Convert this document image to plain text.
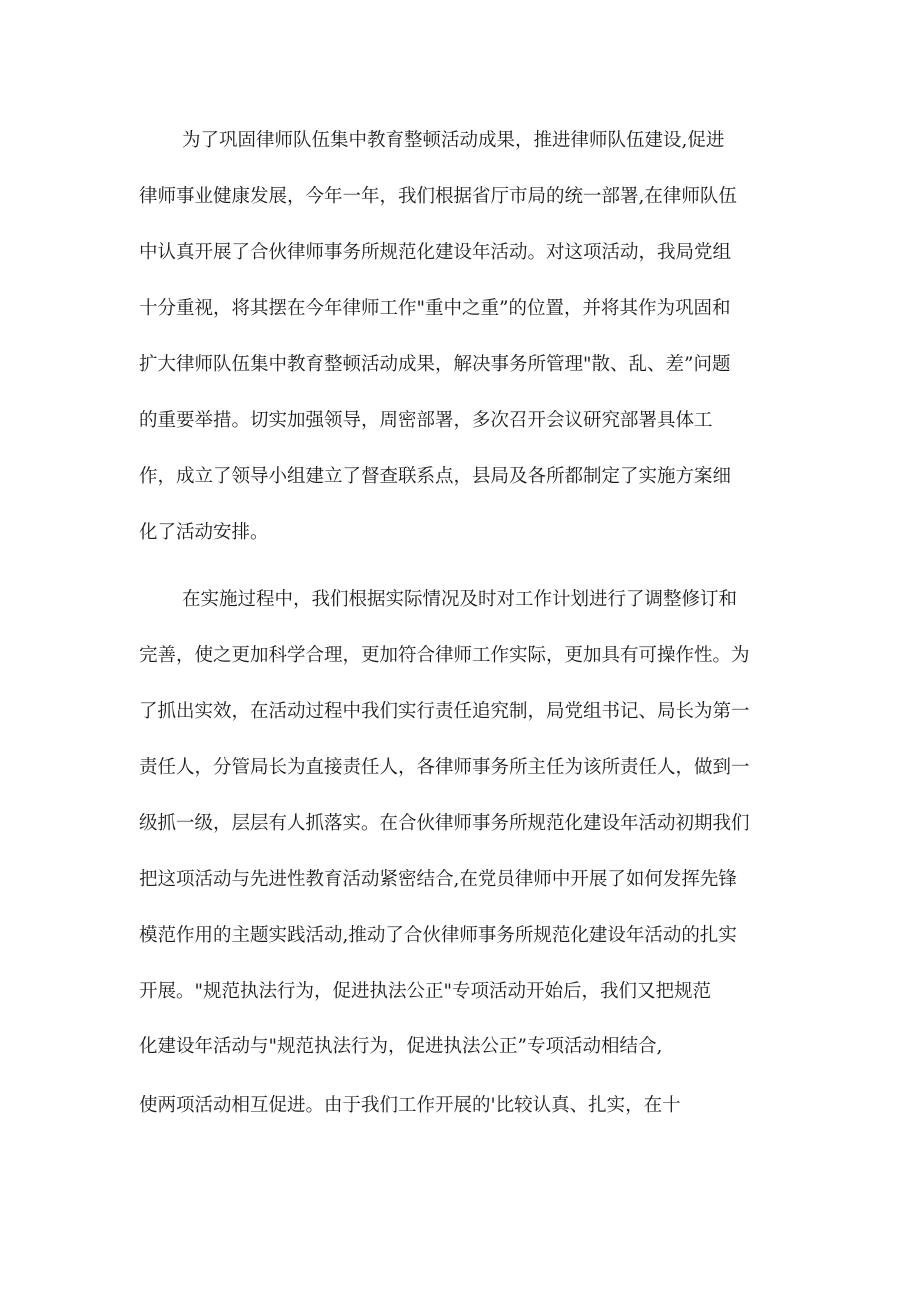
为了巩固律师队伍集中教育整顿活动成果，推进律师队伍建设,促进
律师事业健康发展，今年一年，我们根据省厅市局的统一部署,在律师队伍
中认真开展了合伙律师事务所规范化建设年活动。对这项活动，我局党组
十分重视，将其摆在今年律师工作"重中之重”的位置，并将其作为巩固和
扩大律师队伍集中教育整顿活动成果，解决事务所管理"散、乱、差”问题
的重要举措。切实加强领导，周密部署，多次召开会议研究部署具体工
作，成立了领导小组建立了督查联系点，县局及各所都制定了实施方案细
化了活动安排。
在实施过程中，我们根据实际情况及时对工作计划进行了调整修订和
完善，使之更加科学合理，更加符合律师工作实际，更加具有可操作性。为
了抓出实效，在活动过程中我们实行责任追究制，局党组书记、局长为第一
责任人，分管局长为直接责任人，各律师事务所主任为该所责任人，做到一
级抓一级，层层有人抓落实。在合伙律师事务所规范化建设年活动初期我们
把这项活动与先进性教育活动紧密结合,在党员律师中开展了如何发挥先锋
模范作用的主题实践活动,推动了合伙律师事务所规范化建设年活动的扎实
开展。"规范执法行为，促进执法公正"专项活动开始后，我们又把规范
化建设年活动与"规范执法行为，促进执法公正”专项活动相结合,
使两项活动相互促进。由于我们工作开展的'比较认真、扎实，在十
